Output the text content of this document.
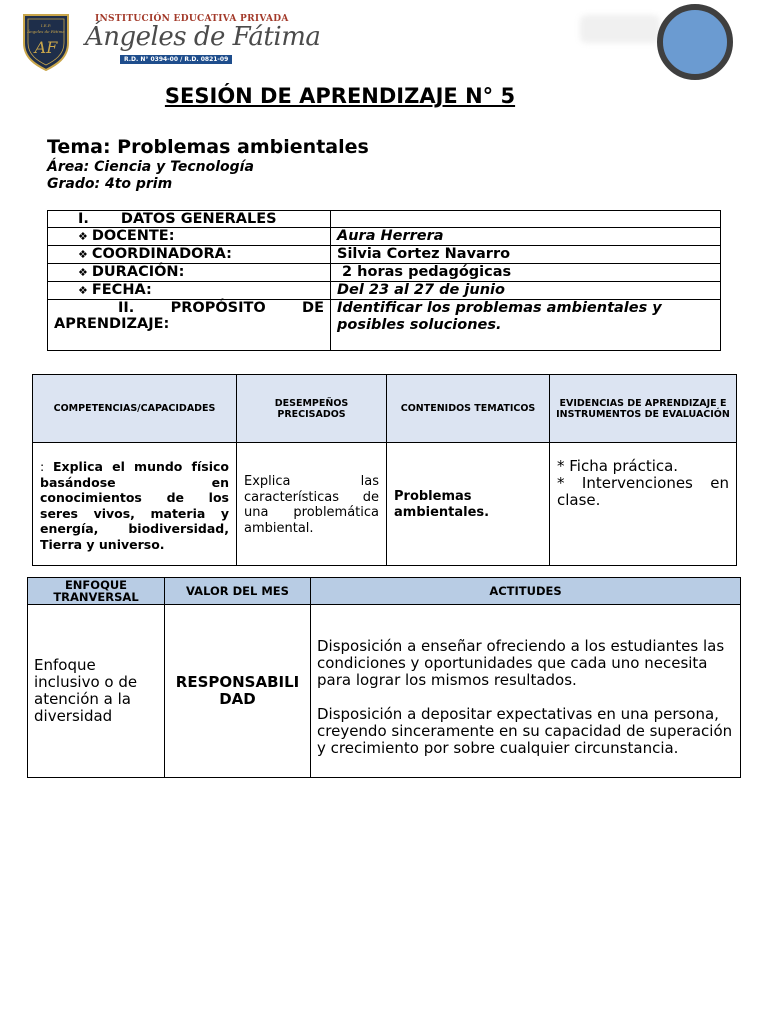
I.E.P.
Ángeles de Fátima
AF
INSTITUCIÓN EDUCATIVA PRIVADA
Ángeles de Fátima
R.D. N° 0394-00 / R.D. 0821-09
SESIÓN DE APRENDIZAJE N° 5
Tema: Problemas ambientales
Área: Ciencia y Tecnología
Grado: 4to prim
I. DATOS GENERALES	
❖ DOCENTE:	Aura Herrera
❖ COORDINADORA:	Silvia Cortez Navarro
❖ DURACIÓN:	2 horas pedagógicas
❖ FECHA:	Del 23 al 27 de junio

II. PROPÓSITO DE
APRENDIZAJE:	Identificar los problemas ambientales y posibles soluciones.
COMPETENCIAS/CAPACIDADES	DESEMPEÑOS PRECISADOS	CONTENIDOS TEMATICOS	EVIDENCIAS DE APRENDIZAJE E INSTRUMENTOS DE EVALUACIÓN

: Explica el mundo físico basándose en conocimientos de los seres vivos, materia y energía, biodiversidad, Tierra y universo.	Explica las características de una problemática ambiental.	Problemas ambientales.	* Ficha práctica.
* Intervenciones en clase.
ENFOQUE TRANVERSAL	VALOR DEL MES	ACTITUDES
Enfoque inclusivo o de atención a la diversidad	RESPONSABILIDAD	Disposición a enseñar ofreciendo a los estudiantes las condiciones y oportunidades que cada uno necesita para lograr los mismos resultados.
Disposición a depositar expectativas en una persona, creyendo sinceramente en su capacidad de superación y crecimiento por sobre cualquier circunstancia.
